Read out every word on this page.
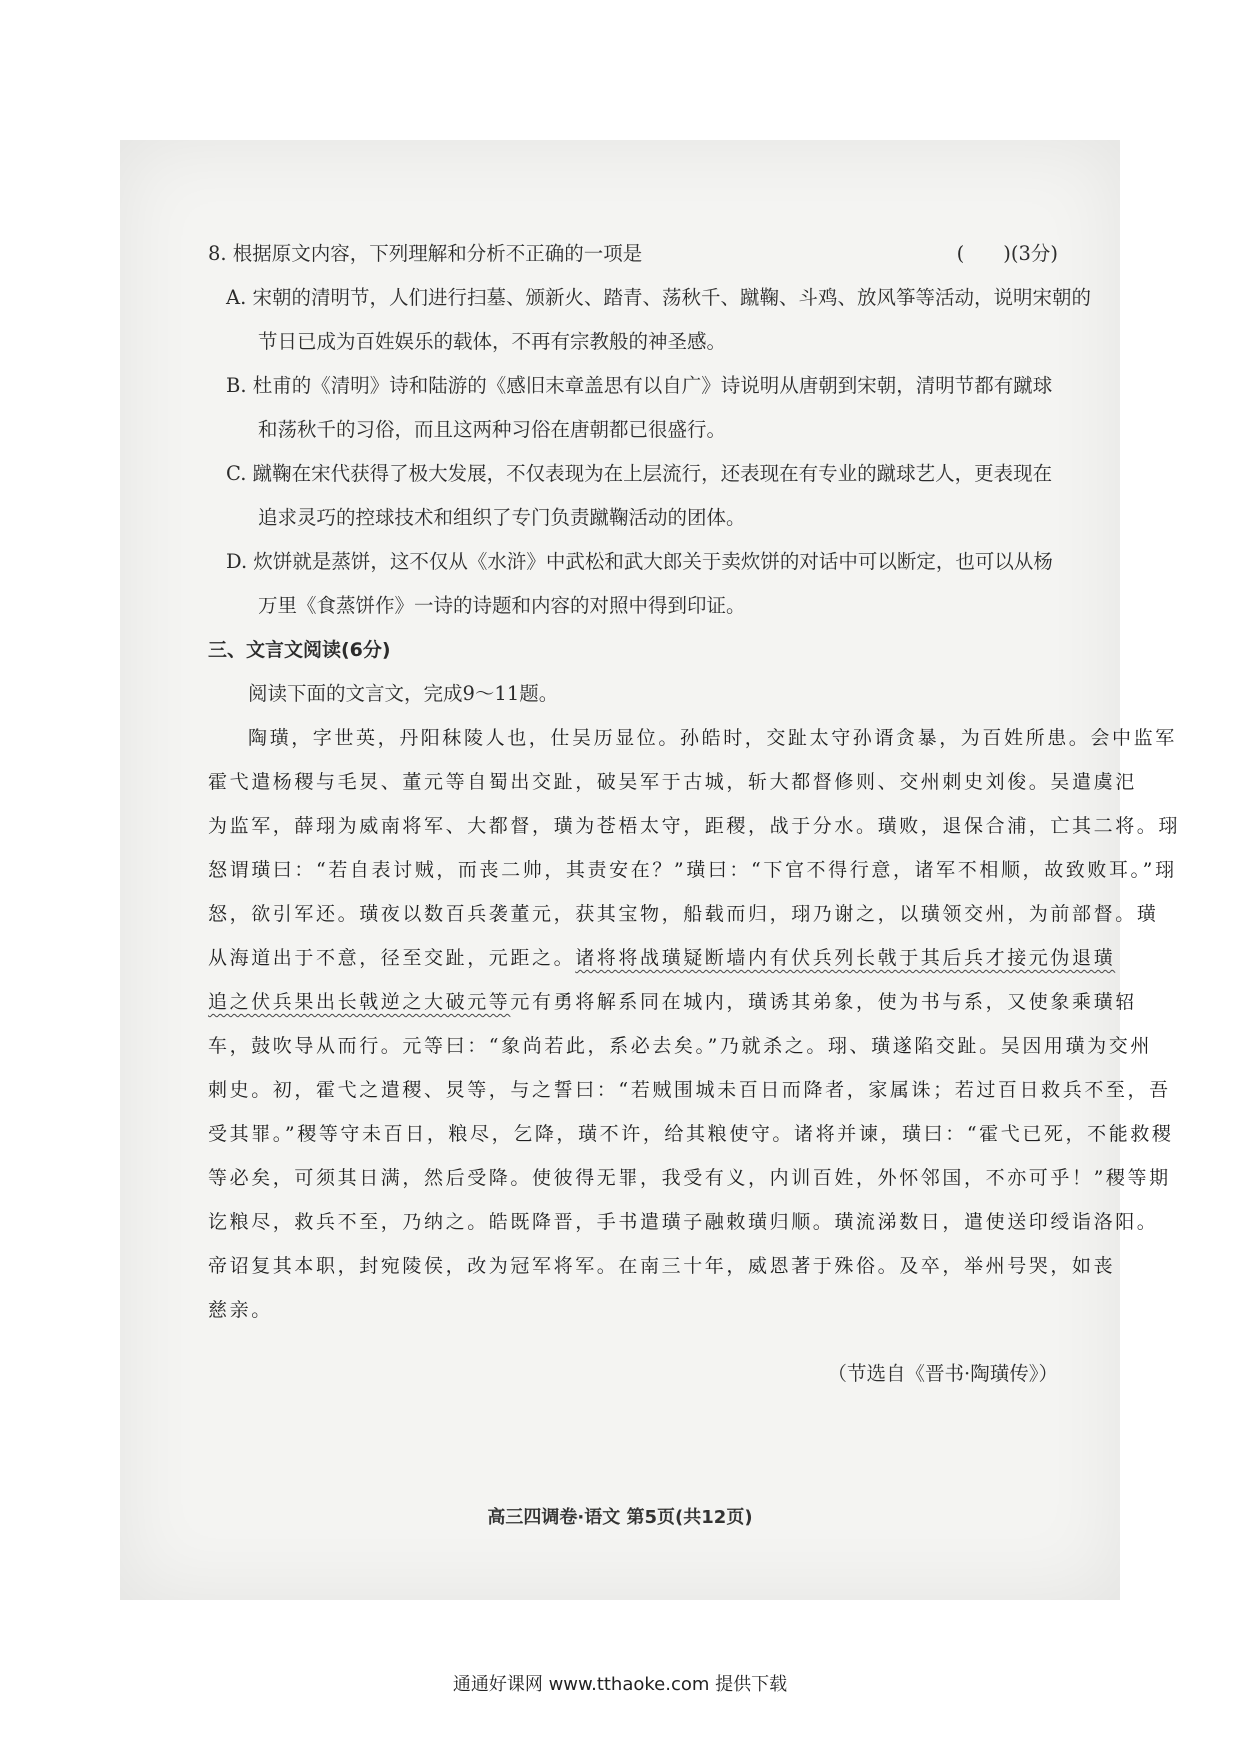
8. 根据原文内容，下列理解和分析不正确的一项是	(　　)(3分)
A. 宋朝的清明节，人们进行扫墓、颁新火、踏青、荡秋千、蹴鞠、斗鸡、放风筝等活动，说明宋朝的
节日已成为百姓娱乐的载体，不再有宗教般的神圣感。
B. 杜甫的《清明》诗和陆游的《感旧末章盖思有以自广》诗说明从唐朝到宋朝，清明节都有蹴球
和荡秋千的习俗，而且这两种习俗在唐朝都已很盛行。
C. 蹴鞠在宋代获得了极大发展，不仅表现为在上层流行，还表现在有专业的蹴球艺人，更表现在
追求灵巧的控球技术和组织了专门负责蹴鞠活动的团体。
D. 炊饼就是蒸饼，这不仅从《水浒》中武松和武大郎关于卖炊饼的对话中可以断定，也可以从杨
万里《食蒸饼作》一诗的诗题和内容的对照中得到印证。
三、文言文阅读(6分)
阅读下面的文言文，完成9～11题。
陶璜，字世英，丹阳秣陵人也，仕吴历显位。孙皓时，交趾太守孙谞贪暴，为百姓所患。会中监军
霍弋遣杨稷与毛炅、董元等自蜀出交趾，破吴军于古城，斩大都督修则、交州刺史刘俊。吴遣虞汜
为监军，薛珝为威南将军、大都督，璜为苍梧太守，距稷，战于分水。璜败，退保合浦，亡其二将。珝
怒谓璜曰：“若自表讨贼，而丧二帅，其责安在？”璜曰：“下官不得行意，诸军不相顺，故致败耳。”珝
怒，欲引军还。璜夜以数百兵袭董元，获其宝物，船载而归，珝乃谢之，以璜领交州，为前部督。璜
从海道出于不意，径至交趾，元距之。诸将将战璜疑断墙内有伏兵列长戟于其后兵才接元伪退璜
追之伏兵果出长戟逆之大破元等元有勇将解系同在城内，璜诱其弟象，使为书与系，又使象乘璜轺
车，鼓吹导从而行。元等曰：“象尚若此，系必去矣。”乃就杀之。珝、璜遂陷交趾。吴因用璜为交州
刺史。初，霍弋之遣稷、炅等，与之誓曰：“若贼围城未百日而降者，家属诛；若过百日救兵不至，吾
受其罪。”稷等守未百日，粮尽，乞降，璜不许，给其粮使守。诸将并谏，璜曰：“霍弋已死，不能救稷
等必矣，可须其日满，然后受降。使彼得无罪，我受有义，内训百姓，外怀邻国，不亦可乎！”稷等期
讫粮尽，救兵不至，乃纳之。皓既降晋，手书遣璜子融敕璜归顺。璜流涕数日，遣使送印绶诣洛阳。
帝诏复其本职，封宛陵侯，改为冠军将军。在南三十年，威恩著于殊俗。及卒，举州号哭，如丧
慈亲。
（节选自《晋书·陶璜传》）
高三四调卷·语文 第5页(共12页)
通通好课网 www.tthaoke.com 提供下载
